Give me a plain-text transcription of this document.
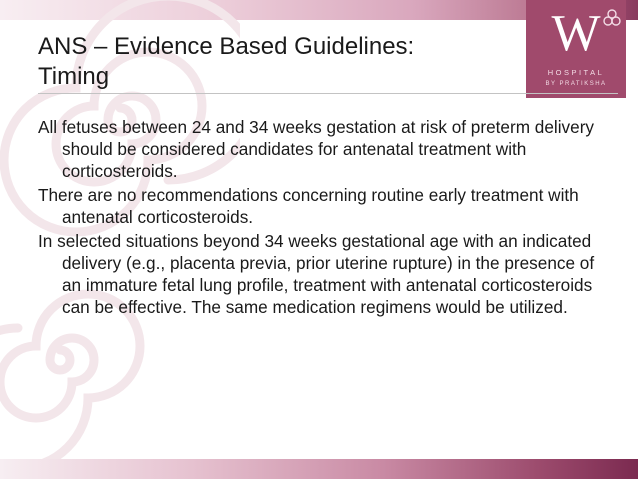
W
HOSPITAL
BY PRATIKSHA
ANS – Evidence Based Guidelines:
Timing

All fetuses between 24 and 34 weeks gestation at risk of preterm delivery should be considered candidates for antenatal treatment with corticosteroids.

There are no recommendations concerning routine early treatment with antenatal corticosteroids.

In selected situations beyond 34 weeks gestational age with an indicated delivery (e.g., placenta previa, prior uterine rupture) in the presence of an immature fetal lung profile, treatment with antenatal corticosteroids can be effective. The same medication regimens would be utilized.
